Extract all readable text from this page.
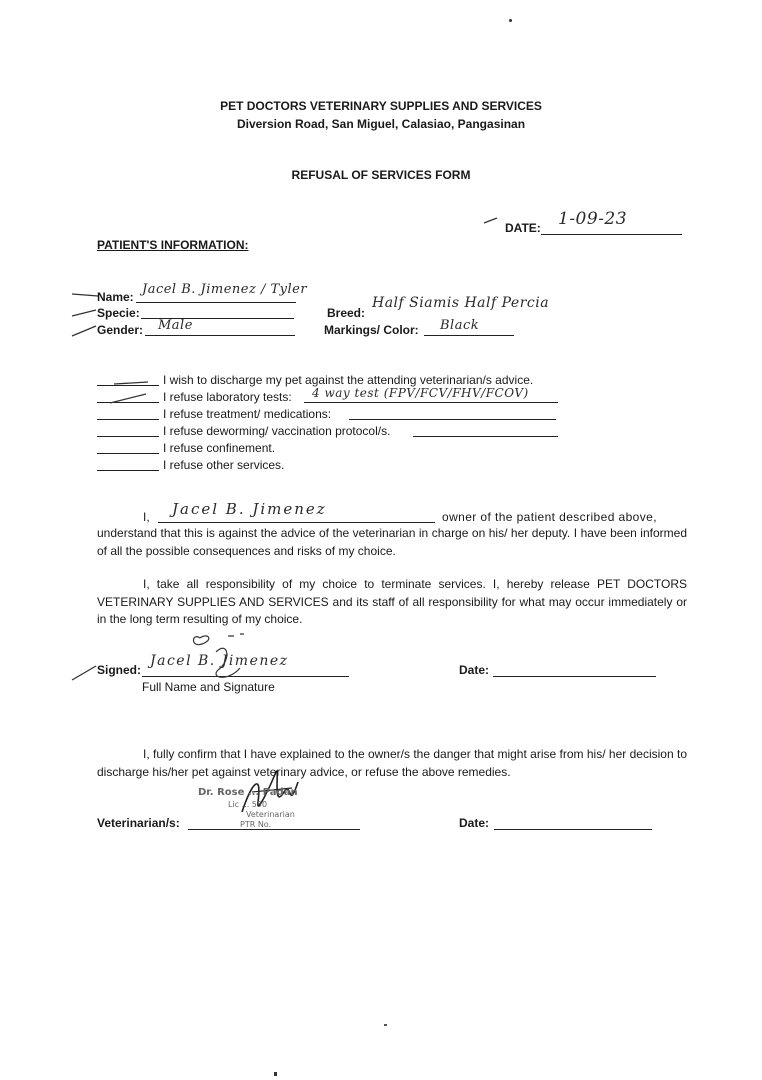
PET DOCTORS VETERINARY SUPPLIES AND SERVICES
Diversion Road, San Miguel, Calasiao, Pangasinan
REFUSAL OF SERVICES FORM
DATE: 1-09-23
PATIENT'S INFORMATION:
Name: Jacel B. Jimenez / Tyler
Specie:
Gender: Male
Breed:
Half Siamis Half Percia
Markings/ Color: Black
I wish to discharge my pet against the attending veterinarian/s advice.
I refuse laboratory tests: 4 way test (FPV/FCV/FHV/FCOV)
I refuse treatment/ medications:
I refuse deworming/ vaccination protocol/s.
I refuse confinement.
I refuse other services.
I, Jacel B. Jimenez	owner of the patient described above,
understand that this is against the advice of the veterinarian in charge on his/ her deputy. I have been informed of all the possible consequences and risks of my choice.
I, take all responsibility of my choice to terminate services. I, hereby release PET DOCTORS VETERINARY SUPPLIES AND SERVICES and its staff of all responsibility for what may occur immediately or in the long term resulting of my choice.
Signed:
Jacel B. Jimenez
Full Name and Signature
Date:
I, fully confirm that I have explained to the owner/s the danger that might arise from his/ her decision to discharge his/her pet against veterinary advice, or refuse the above remedies.
Dr. Rose ... Padan
Lic ... 550
Veterinarian
PTR No.
Veterinarian/s:	Date:
